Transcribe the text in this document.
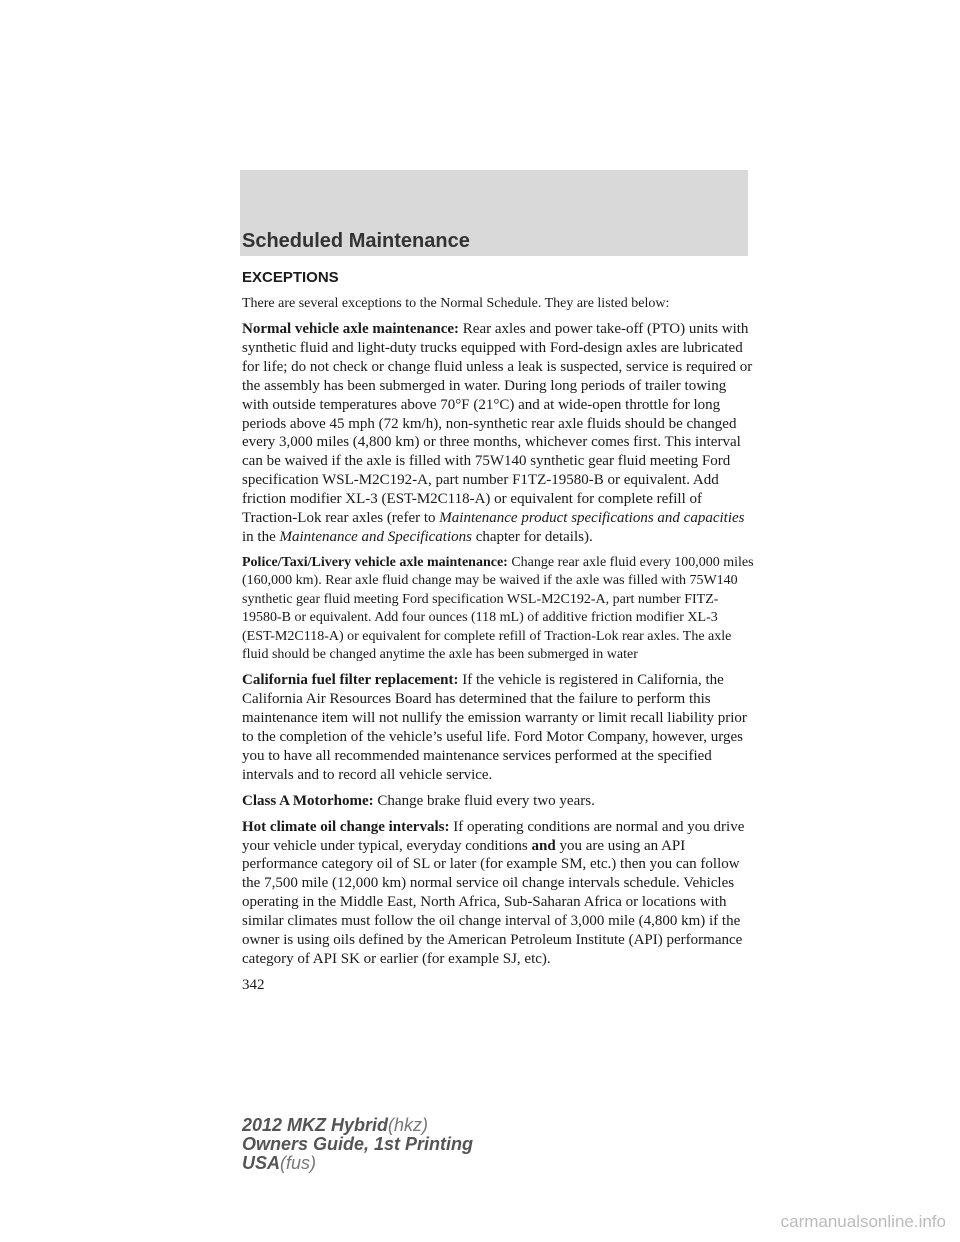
Scheduled Maintenance
EXCEPTIONS

There are several exceptions to the Normal Schedule. They are listed below:

Normal vehicle axle maintenance: Rear axles and power take-off (PTO) units with synthetic fluid and light-duty trucks equipped with Ford-design axles are lubricated for life; do not check or change fluid unless a leak is suspected, service is required or the assembly has been submerged in water. During long periods of trailer towing with outside temperatures above 70°F (21°C) and at wide-open throttle for long periods above 45 mph (72 km/h), non-synthetic rear axle fluids should be changed every 3,000 miles (4,800 km) or three months, whichever comes first. This interval can be waived if the axle is filled with 75W140 synthetic gear fluid meeting Ford specification WSL-M2C192-A, part number F1TZ-19580-B or equivalent. Add friction modifier XL-3 (EST-M2C118-A) or equivalent for complete refill of Traction-Lok rear axles (refer to Maintenance product specifications and capacities in the Maintenance and Specifications chapter for details).

Police/Taxi/Livery vehicle axle maintenance: Change rear axle fluid every 100,000 miles (160,000 km). Rear axle fluid change may be waived if the axle was filled with 75W140 synthetic gear fluid meeting Ford specification WSL-M2C192-A, part number FITZ-19580-B or equivalent. Add four ounces (118 mL) of additive friction modifier XL-3 (EST-M2C118-A) or equivalent for complete refill of Traction-Lok rear axles. The axle fluid should be changed anytime the axle has been submerged in water

California fuel filter replacement: If the vehicle is registered in California, the California Air Resources Board has determined that the failure to perform this maintenance item will not nullify the emission warranty or limit recall liability prior to the completion of the vehicle’s useful life. Ford Motor Company, however, urges you to have all recommended maintenance services performed at the specified intervals and to record all vehicle service.

Class A Motorhome: Change brake fluid every two years.

Hot climate oil change intervals: If operating conditions are normal and you drive your vehicle under typical, everyday conditions and you are using an API performance category oil of SL or later (for example SM, etc.) then you can follow the 7,500 mile (12,000 km) normal service oil change intervals schedule. Vehicles operating in the Middle East, North Africa, Sub-Saharan Africa or locations with similar climates must follow the oil change interval of 3,000 mile (4,800 km) if the owner is using oils defined by the American Petroleum Institute (API) performance category of API SK or earlier (for example SJ, etc).

342

2012 MKZ Hybrid(hkz)
Owners Guide, 1st Printing
USA(fus)
carmanualsonline.info
